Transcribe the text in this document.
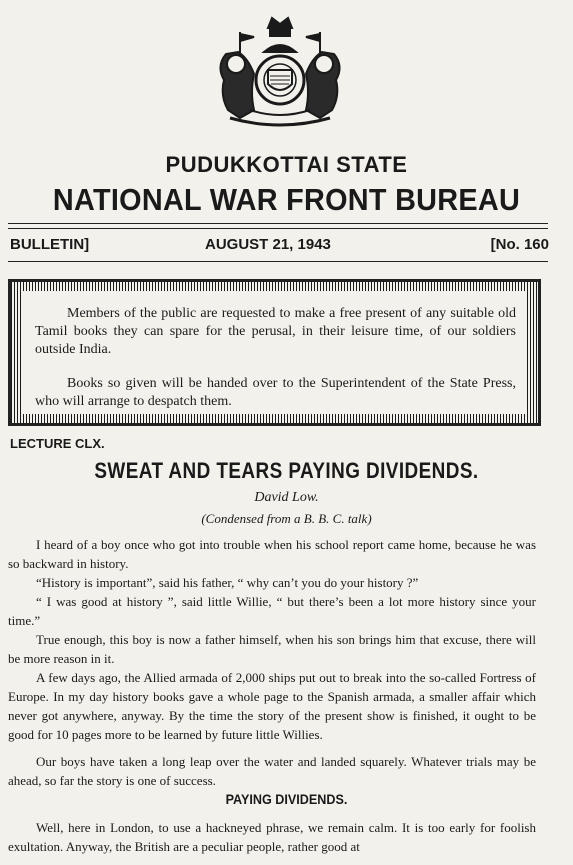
PUDUKKOTTAI STATE
NATIONAL WAR FRONT BUREAU
BULLETIN]	AUGUST 21, 1943	[No. 160
Members of the public are requested to make a free present of any suitable old Tamil books they can spare for the perusal, in their leisure time, of our soldiers outside India.
Books so given will be handed over to the Superintendent of the State Press, who will arrange to despatch them.
LECTURE CLX.
SWEAT AND TEARS PAYING DIVIDENDS.
David Low.
(Condensed from a B. B. C. talk)
I heard of a boy once who got into trouble when his school report came home, because he was so backward in history.
“History is important”, said his father, “ why can’t you do your history ?”
“ I was good at history ”, said little Willie, “ but there’s been a lot more history since your time.”
True enough, this boy is now a father himself, when his son brings him that excuse, there will be more reason in it.
A few days ago, the Allied armada of 2,000 ships put out to break into the so-called Fortress of Europe. In my day history books gave a whole page to the Spanish armada, a smaller affair which never got anywhere, anyway. By the time the story of the present show is finished, it ought to be good for 10 pages more to be learned by future little Willies.
Our boys have taken a long leap over the water and landed squarely. Whatever trials may be ahead, so far the story is one of success.
PAYING DIVIDENDS.
Well, here in London, to use a hackneyed phrase, we remain calm. It is too early for foolish exultation. Anyway, the British are a peculiar people, rather good at
